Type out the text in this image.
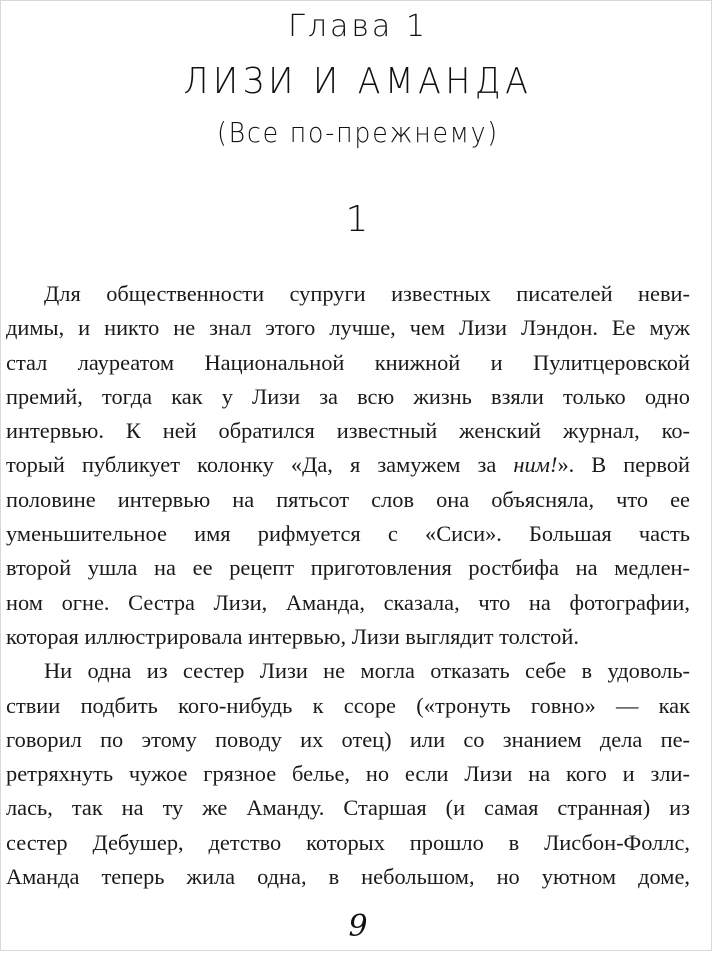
Глава 1
ЛИЗИ И АМАНДА
(Все по-прежнему)
1
Для общественности супруги известных писателей неви-
димы, и никто не знал этого лучше, чем Лизи Лэндон. Ее муж
стал лауреатом Национальной книжной и Пулитцеровской
премий, тогда как у Лизи за всю жизнь взяли только одно
интервью. К ней обратился известный женский журнал, ко-
торый публикует колонку «Да, я замужем за ним!». В первой
половине интервью на пятьсот слов она объясняла, что ее
уменьшительное имя рифмуется с «Сиси». Большая часть
второй ушла на ее рецепт приготовления ростбифа на медлен-
ном огне. Сестра Лизи, Аманда, сказала, что на фотографии,
которая иллюстрировала интервью, Лизи выглядит толстой.
Ни одна из сестер Лизи не могла отказать себе в удоволь-
ствии подбить кого-нибудь к ссоре («тронуть говно» — как
говорил по этому поводу их отец) или со знанием дела пе-
ретряхнуть чужое грязное белье, но если Лизи на кого и зли-
лась, так на ту же Аманду. Старшая (и самая странная) из
сестер Дебушер, детство которых прошло в Лисбон-Фоллс,
Аманда теперь жила одна, в небольшом, но уютном доме,
9
